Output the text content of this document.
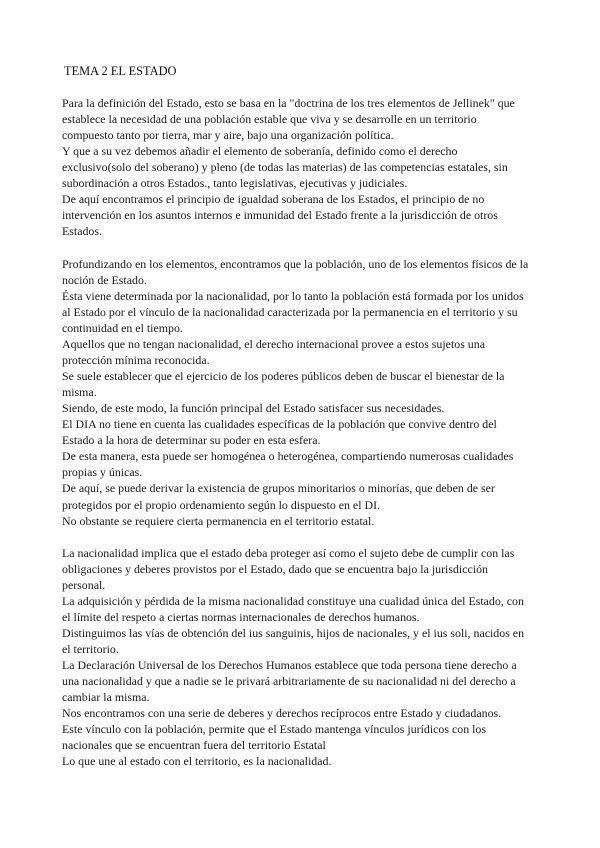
TEMA 2 EL ESTADO
Para la definición del Estado, esto se basa en la "doctrina de los tres elementos de Jellinek" que
establece la necesidad de una población estable que viva y se desarrolle en un territorio
compuesto tanto por tierra, mar y aire, bajo una organización política.
Y que a su vez debemos añadir el elemento de soberanía, definido como el derecho
exclusivo(solo del soberano) y pleno (de todas las materias) de las competencias estatales, sin
subordinación a otros Estados., tanto legislativas, ejecutivas y judiciales.
De aquí encontramos el principio de igualdad soberana de los Estados, el principio de no
intervención en los asuntos internos e inmunidad del Estado frente a la jurisdicción de otros
Estados.
Profundizando en los elementos, encontramos que la población, uno de los elementos físicos de la
noción de Estado.
Ésta viene determinada por la nacionalidad, por lo tanto la población está formada por los unidos
al Estado por el vínculo de la nacionalidad caracterizada por la permanencia en el territorio y su
continuidad en el tiempo.
Aquellos que no tengan nacionalidad, el derecho internacional provee a estos sujetos una
protección mínima reconocida.
Se suele establecer que el ejercicio de los poderes públicos deben de buscar el bienestar de la
misma.
Siendo, de este modo, la función principal del Estado satisfacer sus necesidades.
El DIA no tiene en cuenta las cualidades específicas de la población que convive dentro del
Estado a la hora de determinar su poder en esta esfera.
De esta manera, esta puede ser homogénea o heterogénea, compartiendo numerosas cualidades
propias y únicas.
De aquí, se puede derivar la existencia de grupos minoritarios o minorías, que deben de ser
protegidos por el propio ordenamiento según lo dispuesto en el DI.
No obstante se requiere cierta permanencia en el territorio estatal.
La nacionalidad implica que el estado deba proteger así como el sujeto debe de cumplir con las
obligaciones y deberes provistos por el Estado, dado que se encuentra bajo la jurisdicción
personal.
La adquisición y pérdida de la misma nacionalidad constituye una cualidad única del Estado, con
el límite del respeto a ciertas normas internacionales de derechos humanos.
Distinguimos las vías de obtención del ius sanguinis, hijos de nacionales, y el ius soli, nacidos en
el territorio.
La Declaración Universal de los Derechos Humanos establece que toda persona tiene derecho a
una nacionalidad y que a nadie se le privará arbitrariamente de su nacionalidad ni del derecho a
cambiar la misma.
Nos encontramos con una serie de deberes y derechos recíprocos entre Estado y ciudadanos.
Este vínculo con la población, permite que el Estado mantenga vínculos jurídicos con los
nacionales que se encuentran fuera del territorio Estatal
Lo que une al estado con el territorio, es la nacionalidad.
